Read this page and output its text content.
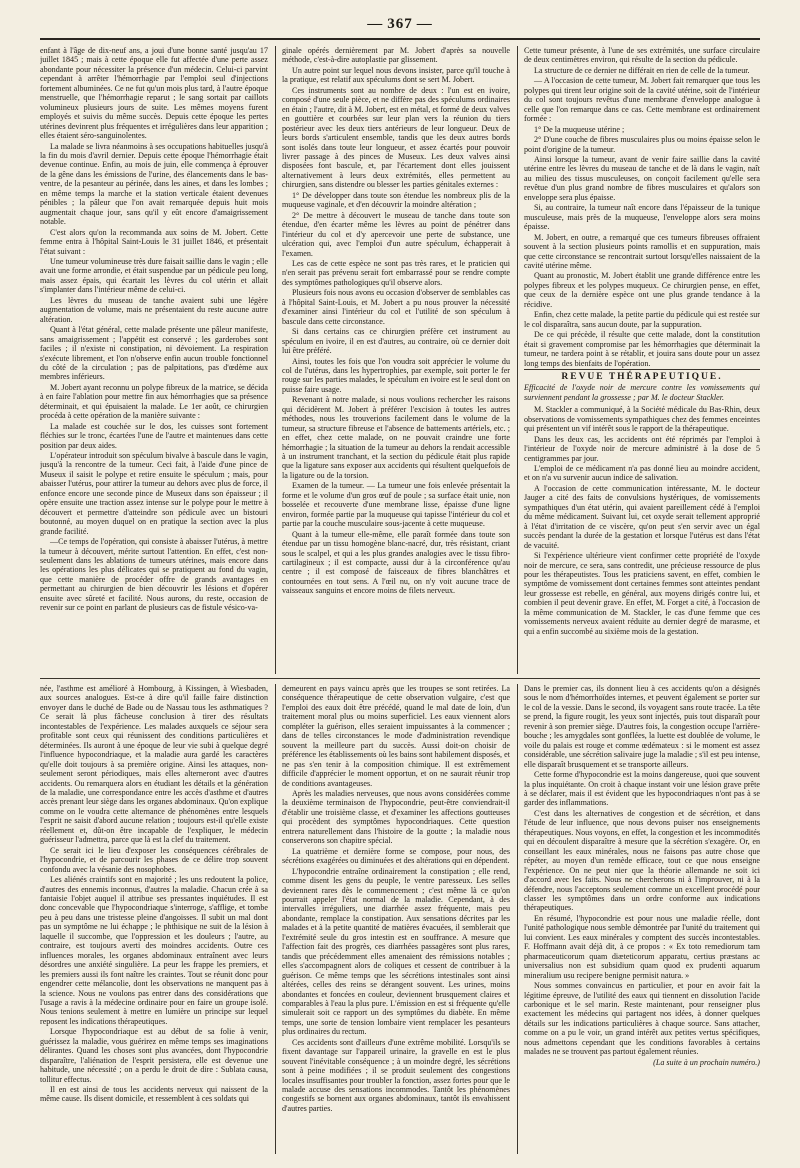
— 367 —

enfant à l'âge de dix-neuf ans, a joui d'une bonne santé jusqu'au 17 juillet 1845 ; mais à cette époque elle fut affectée d'une perte assez abondante pour nécessiter la présence d'un médecin. Celui-ci parvint cependant à arrêter l'hémorrhagie par l'emploi seul d'injections fortement albuminées. Ce ne fut qu'un mois plus tard, à l'autre époque menstruelle, que l'hémorrhagie reparut ; le sang sortait par caillots volumineux plusieurs jours de suite. Les mêmes moyens furent employés et suivis du même succès. Depuis cette époque les pertes utérines devinrent plus fréquentes et irrégulières dans leur apparition ; elles étaient séro-sanguinolentes.

La malade se livra néanmoins à ses occupations habituelles jusqu'à la fin du mois d'avril dernier. Depuis cette époque l'hémorrhagie était devenue continue. Enfin, au mois de juin, elle commença à éprouver de la gêne dans les émissions de l'urine, des élancements dans le bas-ventre, de la pesanteur au périnée, dans les aines, et dans les lombes ; en même temps la marche et la station verticale étaient devenues pénibles ; la pâleur que l'on avait remarquée depuis huit mois augmentait chaque jour, sans qu'il y eût encore d'amaigrissement notable.

C'est alors qu'on la recommanda aux soins de M. Jobert. Cette femme entra à l'hôpital Saint-Louis le 31 juillet 1846, et présentait l'état suivant :

Une tumeur volumineuse très dure faisait saillie dans le vagin ; elle avait une forme arrondie, et était suspendue par un pédicule peu long, mais assez épais, qui écartait les lèvres du col utérin et allait s'implanter dans l'intérieur même de celui-ci.

Les lèvres du museau de tanche avaient subi une légère augmentation de volume, mais ne présentaient du reste aucune autre altération.

Quant à l'état général, cette malade présente une pâleur manifeste, sans amaigrissement ; l'appétit est conservé ; les garderobes sont faciles ; il n'existe ni constipation, ni dévoiement. La respiration s'exécute librement, et l'on n'observe enfin aucun trouble fonctionnel du côté de la circulation ; pas de palpitations, pas d'œdème aux membres inférieurs.

M. Jobert ayant reconnu un polype fibreux de la matrice, se décida à en faire l'ablation pour mettre fin aux hémorrhagies que sa présence déterminait, et qui épuisaient la malade. Le 1er août, ce chirurgien procéda à cette opération de la manière suivante :

La malade est couchée sur le dos, les cuisses sont fortement fléchies sur le tronc, écartées l'une de l'autre et maintenues dans cette position par deux aides.

L'opérateur introduit son spéculum bivalve à bascule dans le vagin, jusqu'à la rencontre de la tumeur. Ceci fait, à l'aide d'une pince de Museux il saisit le polype et retire ensuite le spéculum ; mais, pour abaisser l'utérus, pour attirer la tumeur au dehors avec plus de force, il enfonce encore une seconde pince de Museux dans son épaisseur ; il opère ensuite une traction assez intense sur le polype pour le mettre à découvert et permettre d'atteindre son pédicule avec un bistouri boutonné, au moyen duquel on en pratique la section avec la plus grande facilité.

—Ce temps de l'opération, qui consiste à abaisser l'utérus, à mettre la tumeur à découvert, mérite surtout l'attention. En effet, c'est non-seulement dans les ablations de tumeurs utérines, mais encore dans les opérations les plus délicates qui se pratiquent au fond du vagin, que cette manière de procéder offre de grands avantages en permettant au chirurgien de bien découvrir les lésions et d'opérer ensuite avec sûreté et facilité. Nous aurons, du reste, occasion de revenir sur ce point en parlant de plusieurs cas de fistule vésico-va-

ginale opérés dernièrement par M. Jobert d'après sa nouvelle méthode, c'est-à-dire autoplastie par glissement.

Un autre point sur lequel nous devons insister, parce qu'il touche à la pratique, est relatif aux spéculums dont se sert M. Jobert.

Ces instruments sont au nombre de deux : l'un est en ivoire, composé d'une seule pièce, et ne diffère pas des spéculums ordinaires en étain ; l'autre, dit à M. Jobert, est en métal, et formé de deux valves en gouttière et courbées sur leur plan vers la réunion du tiers postérieur avec les deux tiers antérieurs de leur longueur. Deux de leurs bords s'articulent ensemble, tandis que les deux autres bords sont isolés dans toute leur longueur, et assez écartés pour pouvoir livrer passage à des pinces de Museux. Les deux valves ainsi disposées font bascule, et, par l'écartement dont elles jouissent alternativement à leurs deux extrémités, elles permettent au chirurgien, sans distendre ou blesser les parties génitales externes :

1° De développer dans toute son étendue les nombreux plis de la muqueuse vaginale, et d'en découvrir la moindre altération ;

2° De mettre à découvert le museau de tanche dans toute son étendue, d'en écarter même les lèvres au point de pénétrer dans l'intérieur du col et d'y apercevoir une perte de substance, une ulcération qui, avec l'emploi d'un autre spéculum, échapperait à l'examen.

Les cas de cette espèce ne sont pas très rares, et le praticien qui n'en serait pas prévenu serait fort embarrassé pour se rendre compte des symptômes pathologiques qu'il observe alors.

Plusieurs fois nous avons eu occasion d'observer de semblables cas à l'hôpital Saint-Louis, et M. Jobert a pu nous prouver la nécessité d'examiner ainsi l'intérieur du col et l'utilité de son spéculum à bascule dans cette circonstance.

Si dans certains cas ce chirurgien préfère cet instrument au spéculum en ivoire, il en est d'autres, au contraire, où ce dernier doit lui être préféré.

Ainsi, toutes les fois que l'on voudra soit apprécier le volume du col de l'utérus, dans les hypertrophies, par exemple, soit porter le fer rouge sur les parties malades, le spéculum en ivoire est le seul dont on puisse faire usage.

Revenant à notre malade, si nous voulions rechercher les raisons qui décidèrent M. Jobert à préférer l'excision à toutes les autres méthodes, nous les trouverions facilement dans le volume de la tumeur, sa structure fibreuse et l'absence de battements artériels, etc. ; en effet, chez cette malade, on ne pouvait craindre une forte hémorrhagie ; la situation de la tumeur au dehors la rendait accessible à un instrument tranchant, et la section du pédicule était plus rapide que la ligature sans exposer aux accidents qui résultent quelquefois de la ligature ou de la torsion.

Examen de la tumeur. — La tumeur une fois enlevée présentait la forme et le volume d'un gros œuf de poule ; sa surface était unie, non bosselée et recouverte d'une membrane lisse, épaisse d'une ligne environ, formée partie par la muqueuse qui tapisse l'intérieur du col et partie par la couche musculaire sous-jacente à cette muqueuse.

Quant à la tumeur elle-même, elle paraît formée dans toute son étendue par un tissu homogène blanc-nacré, dur, très résistant, criant sous le scalpel, et qui a les plus grandes analogies avec le tissu fibro-cartilagineux ; il est compacte, aussi dur à la circonférence qu'au centre ; il est composé de faisceaux de fibres blanchâtres et contournées en tout sens. A l'œil nu, on n'y voit aucune trace de vaisseaux sanguins et encore moins de filets nerveux.

Cette tumeur présente, à l'une de ses extrémités, une surface circulaire de deux centimètres environ, qui résulte de la section du pédicule.

La structure de ce dernier ne différait en rien de celle de la tumeur.

— A l'occasion de cette tumeur, M. Jobert fait remarquer que tous les polypes qui tirent leur origine soit de la cavité utérine, soit de l'intérieur du col sont toujours revêtus d'une membrane d'enveloppe analogue à celle que l'on remarque dans ce cas. Cette membrane est ordinairement formée :

1° De la muqueuse utérine ;

2° D'une couche de fibres musculaires plus ou moins épaisse selon le point d'origine de la tumeur.

Ainsi lorsque la tumeur, avant de venir faire saillie dans la cavité utérine entre les lèvres du museau de tanche et de là dans le vagin, naît au milieu des tissus musculeuses, on conçoit facilement qu'elle sera revêtue d'un plus grand nombre de fibres musculaires et qu'alors son enveloppe sera plus épaisse.

Si, au contraire, la tumeur naît encore dans l'épaisseur de la tunique musculeuse, mais près de la muqueuse, l'enveloppe alors sera moins épaisse.

M. Jobert, en outre, a remarqué que ces tumeurs fibreuses offraient souvent à la section plusieurs points ramollis et en suppuration, mais que cette circonstance se rencontrait surtout lorsqu'elles naissaient de la cavité utérine même.

Quant au pronostic, M. Jobert établit une grande différence entre les polypes fibreux et les polypes muqueux. Ce chirurgien pense, en effet, que ceux de la dernière espèce ont une plus grande tendance à la récidive.

Enfin, chez cette malade, la petite partie du pédicule qui est restée sur le col disparaîtra, sans aucun doute, par la suppuration.

De ce qui précède, il résulte que cette malade, dont la constitution était si gravement compromise par les hémorrhagies que déterminait la tumeur, ne tardera point à se rétablir, et jouira sans doute pour un assez long temps des bienfaits de l'opération.

REVUE THÉRAPEUTIQUE.

Efficacité de l'oxyde noir de mercure contre les vomissements qui surviennent pendant la grossesse ; par M. le docteur Stackler.

M. Stackler a communiqué, à la Société médicale du Bas-Rhin, deux observations de vomissements sympathiques chez des femmes enceintes qui présentent un vif intérêt sous le rapport de la thérapeutique.

Dans les deux cas, les accidents ont été réprimés par l'emploi à l'intérieur de l'oxyde noir de mercure administré à la dose de 5 centigrammes par jour.

L'emploi de ce médicament n'a pas donné lieu au moindre accident, et on n'a vu survenir aucun indice de salivation.

A l'occasion de cette communication intéressante, M. le docteur Jauger a cité des faits de convulsions hystériques, de vomissements sympathiques d'un état utérin, qui avaient pareillement cédé à l'emploi du même médicament. Suivant lui, cet oxyde serait tellement approprié à l'état d'irritation de ce viscère, qu'on peut s'en servir avec un égal succès pendant la durée de la gestation et lorsque l'utérus est dans l'état de vacuité.

Si l'expérience ultérieure vient confirmer cette propriété de l'oxyde noir de mercure, ce sera, sans contredit, une précieuse ressource de plus pour les thérapeutistes. Tous les praticiens savent, en effet, combien le symptôme de vomissement dont certaines femmes sont atteintes pendant leur grossesse est rebelle, en général, aux moyens dirigés contre lui, et combien il peut devenir grave. En effet, M. Forget a cité, à l'occasion de la même communication de M. Stackler, le cas d'une femme que ces vomissements nerveux avaient réduite au dernier degré de marasme, et qui a enfin succombé au sixième mois de la gestation.

née, l'asthme est amélioré à Hombourg, à Kissingen, à Wiesbaden, aux sources analogues. Est-ce à dire qu'il faille faire distinction envoyer dans le duché de Bade ou de Nassau tous les asthmatiques ? Ce serait là plus fâcheuse conclusion à tirer des résultats incontestables de l'expérience. Les malades auxquels ce séjour sera profitable sont ceux qui réunissent des conditions particulières et déterminées. Ils auront à une époque de leur vie subi à quelque degré l'influence hypocondriaque, et la maladie aura gardé les caractères qu'elle doit toujours à sa première origine. Ainsi les attaques, non-seulement seront périodiques, mais elles alterneront avec d'autres accidents. Ou remarquera alors en étudiant les détails et la génération de la maladie, une correspondance entre les accès d'asthme et d'autres accès prenant leur siège dans les organes abdominaux. Qu'on explique comme on le voudra cette alternance de phénomènes entre lesquels l'esprit ne saisit d'abord aucune relation ; toujours est-il qu'elle existe réellement et, dût-on être incapable de l'expliquer, le médecin guérisseur l'admettra, parce que là est la clef du traitement.

Ce serait ici le lieu d'exposer les conséquences cérébrales de l'hypocondrie, et de parcourir les phases de ce délire trop souvent confondu avec la vésanie des nosophobes.

Les aliénés craintifs sont en majorité ; les uns redoutent la police, d'autres des ennemis inconnus, d'autres la maladie. Chacun crée à sa fantaisie l'objet auquel il attribue ses pressantes inquiétudes. Il est donc concevable que l'hypocondriaque s'interroge, s'afflige, et tombe peu à peu dans une tristesse pleine d'angoisses. Il subit un mal dont pas un symptôme ne lui échappe ; le phthisique ne suit de la lésion à laquelle il succombe, que l'oppression et les douleurs ; l'autre, au contraire, est toujours averti des moindres accidents. Outre ces influences morales, les organes abdominaux entraînent avec leurs désordres une anxiété singulière. La peur les frappe les premiers, et les premiers aussi ils font naître les craintes. Tout se réunit donc pour engendrer cette mélancolie, dont les observations ne manquent pas à la science. Nous ne voulons pas entrer dans des considérations que l'usage a ravis à la médecine ordinaire pour en faire un groupe isolé. Nous tenions seulement à mettre en lumière un principe sur lequel reposent les indications thérapeutiques.

Lorsque l'hypocondriaque est au début de sa folie à venir, guérissez la maladie, vous guérirez en même temps ses imaginations délirantes. Quand les choses sont plus avancées, dont l'hypocondrie disparaître, l'aliénation de l'esprit persistera, elle est devenue une habitude, une nécessité ; on a perdu le droit de dire : Sublata causa, tollitur effectus.

Il en est ainsi de tous les accidents nerveux qui naissent de la même cause. Ils disent domicile, et ressemblent à ces soldats qui

demeurent en pays vaincu après que les troupes se sont retirées. La conséquence thérapeutique de cette observation vulgaire, c'est que l'emploi des eaux doit être précédé, quand le mal date de loin, d'un traitement moral plus ou moins superficiel. Les eaux viennent alors compléter la guérison, elles seraient impuissantes à la commencer ; dans de telles circonstances le mode d'administration revendique souvent la meilleure part du succès. Aussi doit-on choisir de préférence les établissements où les bains sont habilement disposés, et ne pas s'en tenir à la composition chimique. Il est extrêmement difficile d'apprécier le moment opportun, et on ne saurait réunir trop de conditions avantageuses.

Après les maladies nerveuses, que nous avons considérées comme la deuxième terminaison de l'hypocondrie, peut-être conviendrait-il d'établir une troisième classe, et d'examiner les affections goutteuses qui procèdent des symptômes hypocondriaques. Cette question entrera naturellement dans l'histoire de la goutte ; la maladie nous conserverons son chapitre spécial.

La quatrième et dernière forme se compose, pour nous, des sécrétions exagérées ou diminuées et des altérations qui en dépendent.

L'hypocondrie entraîne ordinairement la constipation ; elle rend, comme disent les gens du peuple, le ventre paresseux. Les selles deviennent rares dès le commencement ; c'est même là ce qu'on pourrait appeler l'état normal de la maladie. Cependant, à des intervalles irréguliers, une diarrhée assez fréquente, mais peu abondante, remplace la constipation. Aux sensations décrites par les malades et à la petite quantité de matières évacuées, il semblerait que l'extrémité seule du gros intestin est en souffrance. A mesure que l'affection fait des progrès, ces diarrhées passagères sont plus rares, tandis que précédemment elles amenaient des rémissions notables ; elles s'accompagnent alors de coliques et cessent de contribuer à la guérison. Ce même temps que les sécrétions intestinales sont ainsi altérées, celles des reins se dérangent souvent. Les urines, moins abondantes et foncées en couleur, deviennent brusquement claires et comparables à l'eau la plus pure. L'émission en est si fréquente qu'elle simulerait soit ce rapport un des symptômes du diabète. En même temps, une sorte de tension lombaire vient remplacer les pesanteurs plus ordinaires du rectum.

Ces accidents sont d'ailleurs d'une extrême mobilité. Lorsqu'ils se fixent davantage sur l'appareil urinaire, la gravelle en est le plus souvent l'inévitable conséquence ; à un moindre degré, les sécrétions sont à peine modifiées ; il se produit seulement des congestions locales insuffisantes pour troubler la fonction, assez fortes pour que le malade accuse des sensations incommodes. Tantôt les phénomènes congestifs se bornent aux organes abdominaux, tantôt ils envahissent d'autres parties.

Dans le premier cas, ils donnent lieu à ces accidents qu'on a désignés sous le nom d'hémorrhoïdes internes, et peuvent également se porter sur le col de la vessie. Dans le second, ils voyagent sans route tracée. La tête se prend, la figure rougit, les yeux sont injectés, puis tout disparaît pour revenir à son premier siège. D'autres fois, la congestion occupe l'arrière-bouche ; les amygdales sont gonflées, la luette est doublée de volume, le voile du palais est rouge et comme œdémateux : si le moment est assez considérable, une sécrétion salivaire juge la maladie ; s'il est peu intense, elle disparaît brusquement et se transporte ailleurs.

Cette forme d'hypocondrie est la moins dangereuse, quoi que souvent la plus inquiétante. On croit à chaque instant voir une lésion grave prête à se déclarer, mais il est évident que les hypocondriaques n'ont pas à se garder des inflammations.

C'est dans les alternatives de congestion et de sécrétion, et dans l'étude de leur influence, que nous devons puiser nos enseignements thérapeutiques. Nous voyons, en effet, la congestion et les incommodités qui en découlent disparaître à mesure que la sécrétion s'exagère. Or, en conseillant les eaux minérales, nous ne faisons pas autre chose que répéter, au moyen d'un remède efficace, tout ce que nous enseigne l'expérience. On ne peut nier que la théorie allemande ne soit ici d'accord avec les faits. Nous ne chercherons ni à l'improuver, ni à la défendre, nous l'acceptons seulement comme un excellent procédé pour classer les symptômes dans un ordre conforme aux indications thérapeutiques.

En résumé, l'hypocondrie est pour nous une maladie réelle, dont l'unité pathologique nous semble démontrée par l'unité du traitement qui lui convient. Les eaux minérales y comptent des succès incontestables. F. Hoffmann avait déjà dit, à ce propos : « Ex toto remediorum tam pharmaceuticorum quam diæteticorum apparatu, certius præstans ac universalius non est subsidium quam quod ex prudenti aquarum mineralium usu recipere benigne permisit natura. »

Nous sommes convaincus en particulier, et pour en avoir fait la légitime épreuve, de l'utilité des eaux qui tiennent en dissolution l'acide carbonique et le sel marin. Reste maintenant, pour renseigner plus exactement les médecins qui partagent nos idées, à donner quelques détails sur les indications particulières à chaque source. Sans attacher, comme on a pu le voir, un grand intérêt aux petites vertus spécifiques, nous admettons cependant que les conditions favorables à certains malades ne se trouvent pas partout également réunies.

(La suite à un prochain numéro.)
